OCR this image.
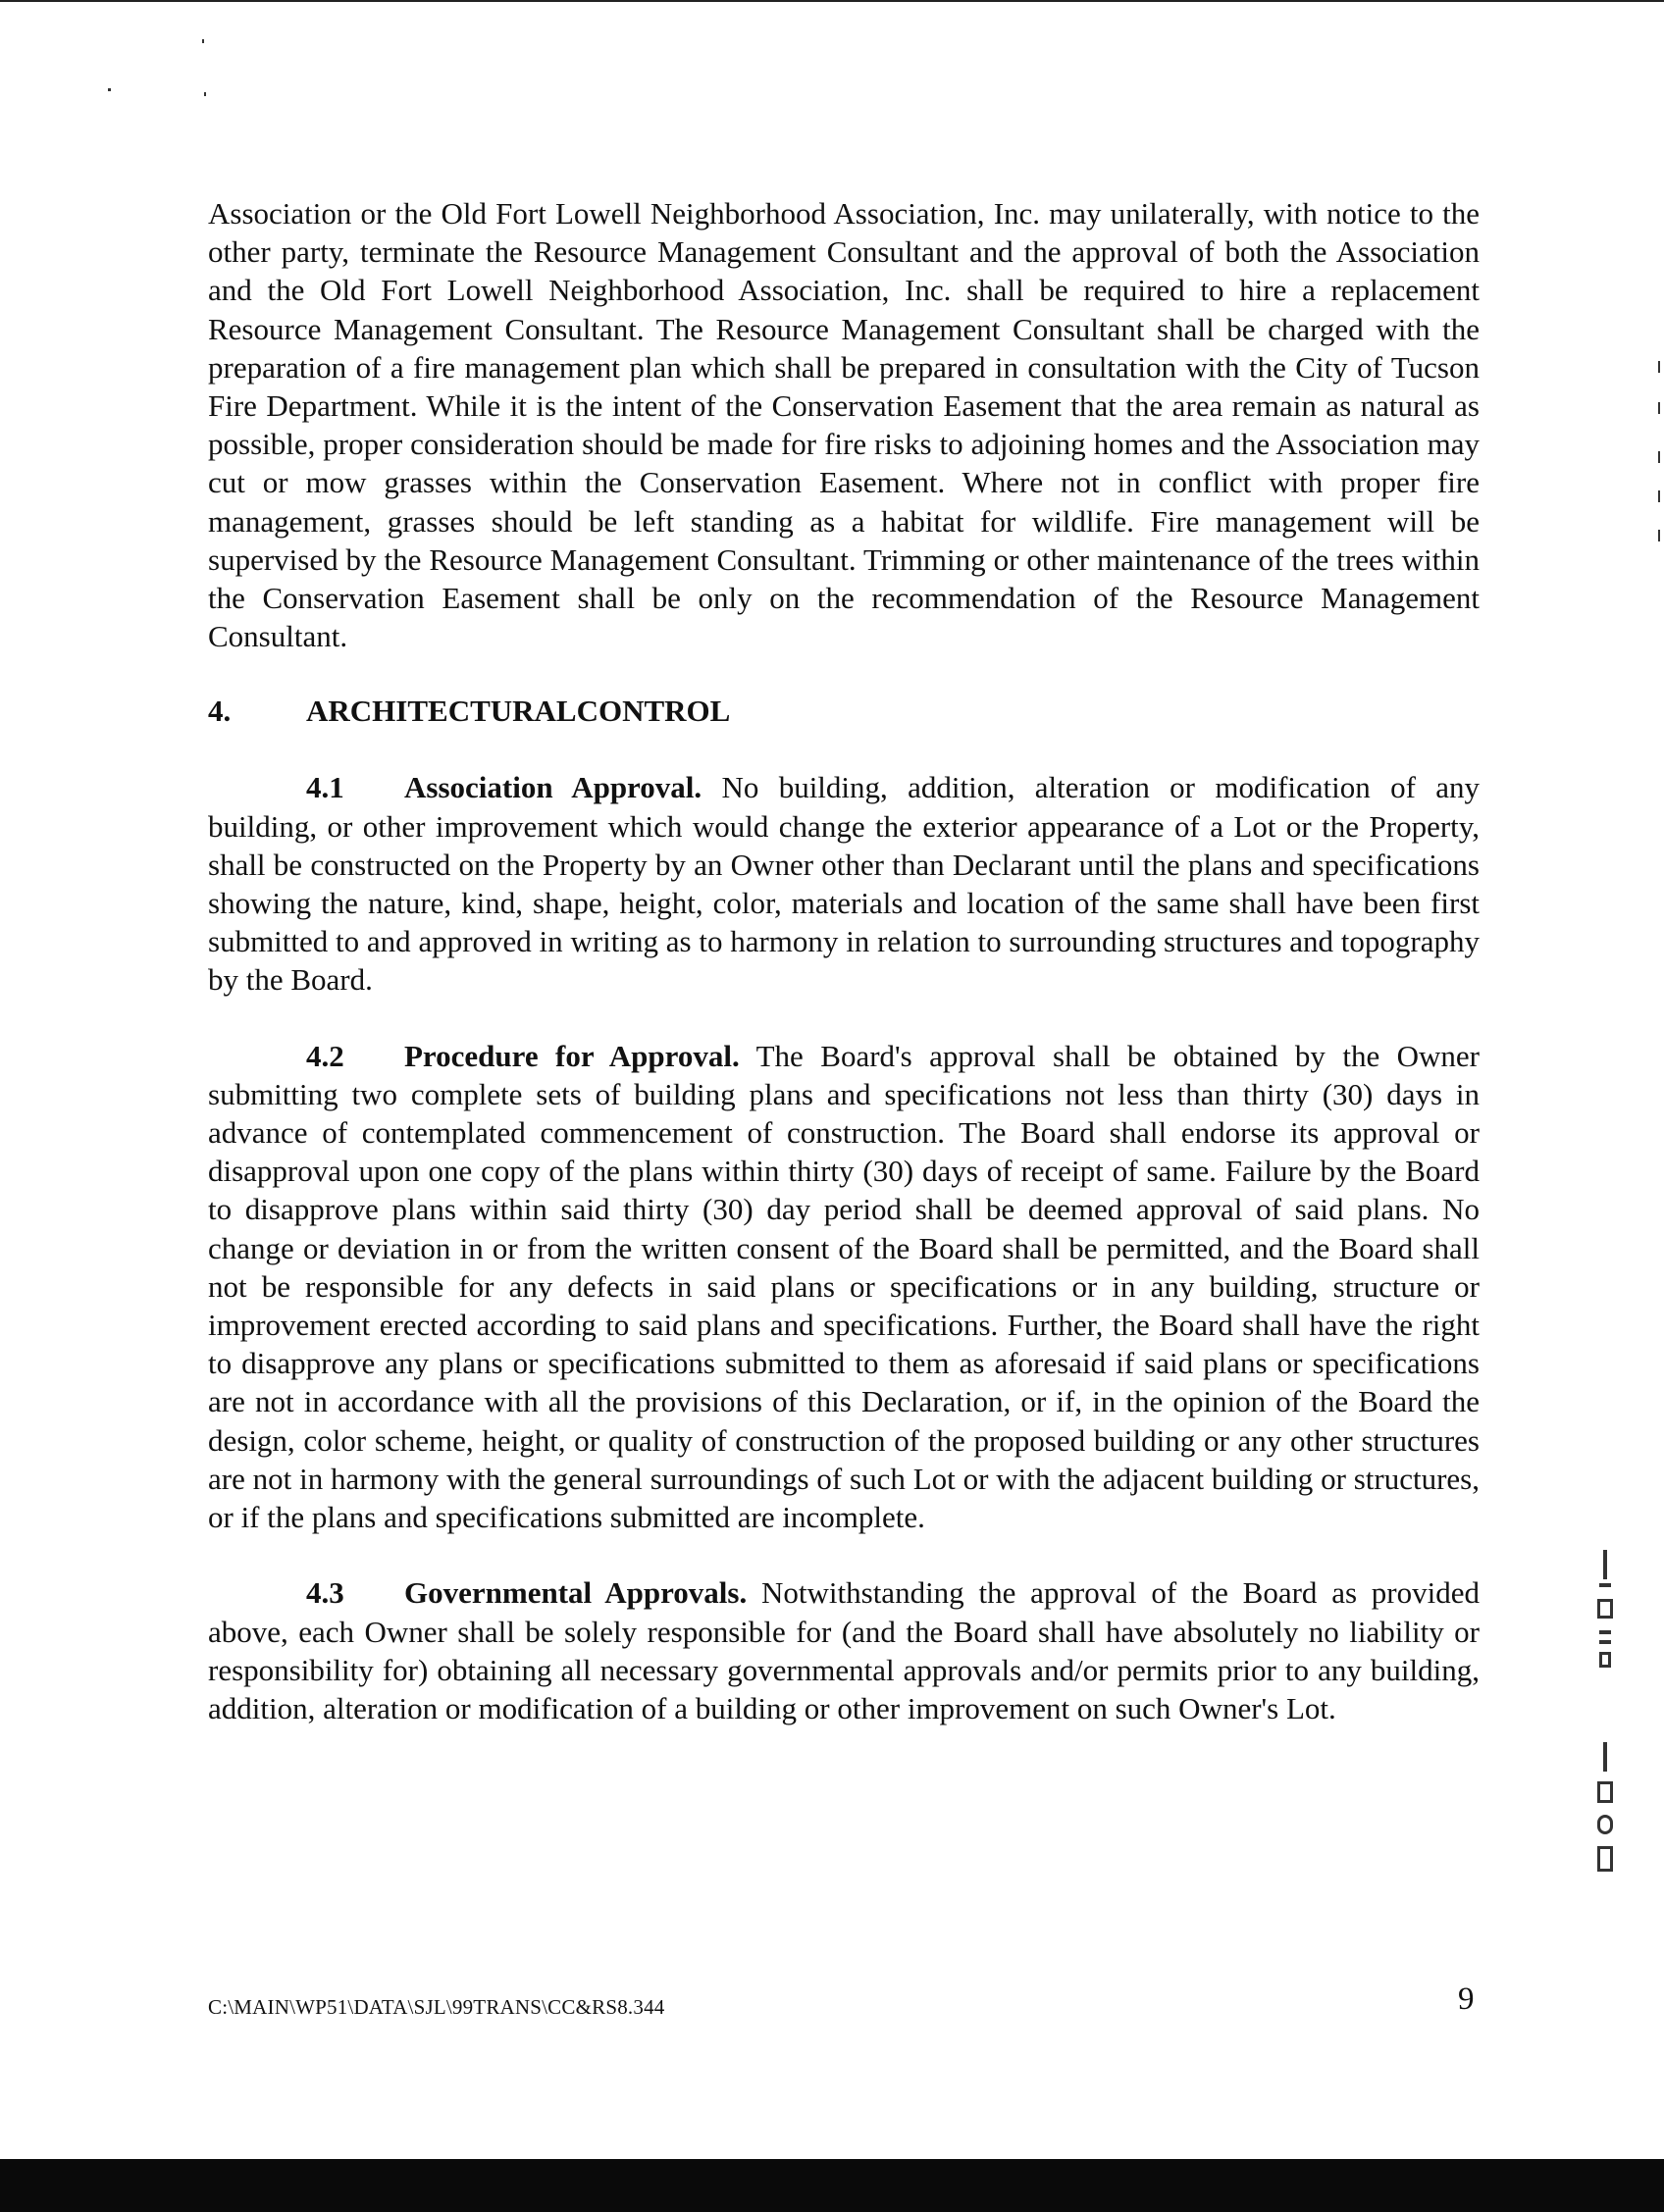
Association or the Old Fort Lowell Neighborhood Association, Inc. may unilaterally, with notice to the other party, terminate the Resource Management Consultant and the approval of both the Association and the Old Fort Lowell Neighborhood Association, Inc. shall be required to hire a replacement Resource Management Consultant. The Resource Management Consultant shall be charged with the preparation of a fire management plan which shall be prepared in consultation with the City of Tucson Fire Department. While it is the intent of the Conservation Easement that the area remain as natural as possible, proper consideration should be made for fire risks to adjoining homes and the Association may cut or mow grasses within the Conservation Easement. Where not in conflict with proper fire management, grasses should be left standing as a habitat for wildlife. Fire management will be supervised by the Resource Management Consultant. Trimming or other maintenance of the trees within the Conservation Easement shall be only on the recommendation of the Resource Management Consultant.

4. ARCHITECTURALCONTROL

4.1 Association Approval. No building, addition, alteration or modification of any building, or other improvement which would change the exterior appearance of a Lot or the Property, shall be constructed on the Property by an Owner other than Declarant until the plans and specifications showing the nature, kind, shape, height, color, materials and location of the same shall have been first submitted to and approved in writing as to harmony in relation to surrounding structures and topography by the Board.

4.2 Procedure for Approval. The Board's approval shall be obtained by the Owner submitting two complete sets of building plans and specifications not less than thirty (30) days in advance of contemplated commencement of construction. The Board shall endorse its approval or disapproval upon one copy of the plans within thirty (30) days of receipt of same. Failure by the Board to disapprove plans within said thirty (30) day period shall be deemed approval of said plans. No change or deviation in or from the written consent of the Board shall be permitted, and the Board shall not be responsible for any defects in said plans or specifications or in any building, structure or improvement erected according to said plans and specifications. Further, the Board shall have the right to disapprove any plans or specifications submitted to them as aforesaid if said plans or specifications are not in accordance with all the provisions of this Declaration, or if, in the opinion of the Board the design, color scheme, height, or quality of construction of the proposed building or any other structures are not in harmony with the general surroundings of such Lot or with the adjacent building or structures, or if the plans and specifications submitted are incomplete.

4.3 Governmental Approvals. Notwithstanding the approval of the Board as provided above, each Owner shall be solely responsible for (and the Board shall have absolutely no liability or responsibility for) obtaining all necessary governmental approvals and/or permits prior to any building, addition, alteration or modification of a building or other improvement on such Owner's Lot.

C:\MAIN\WP51\DATA\SJL\99TRANS\CC&RS8.344	9
